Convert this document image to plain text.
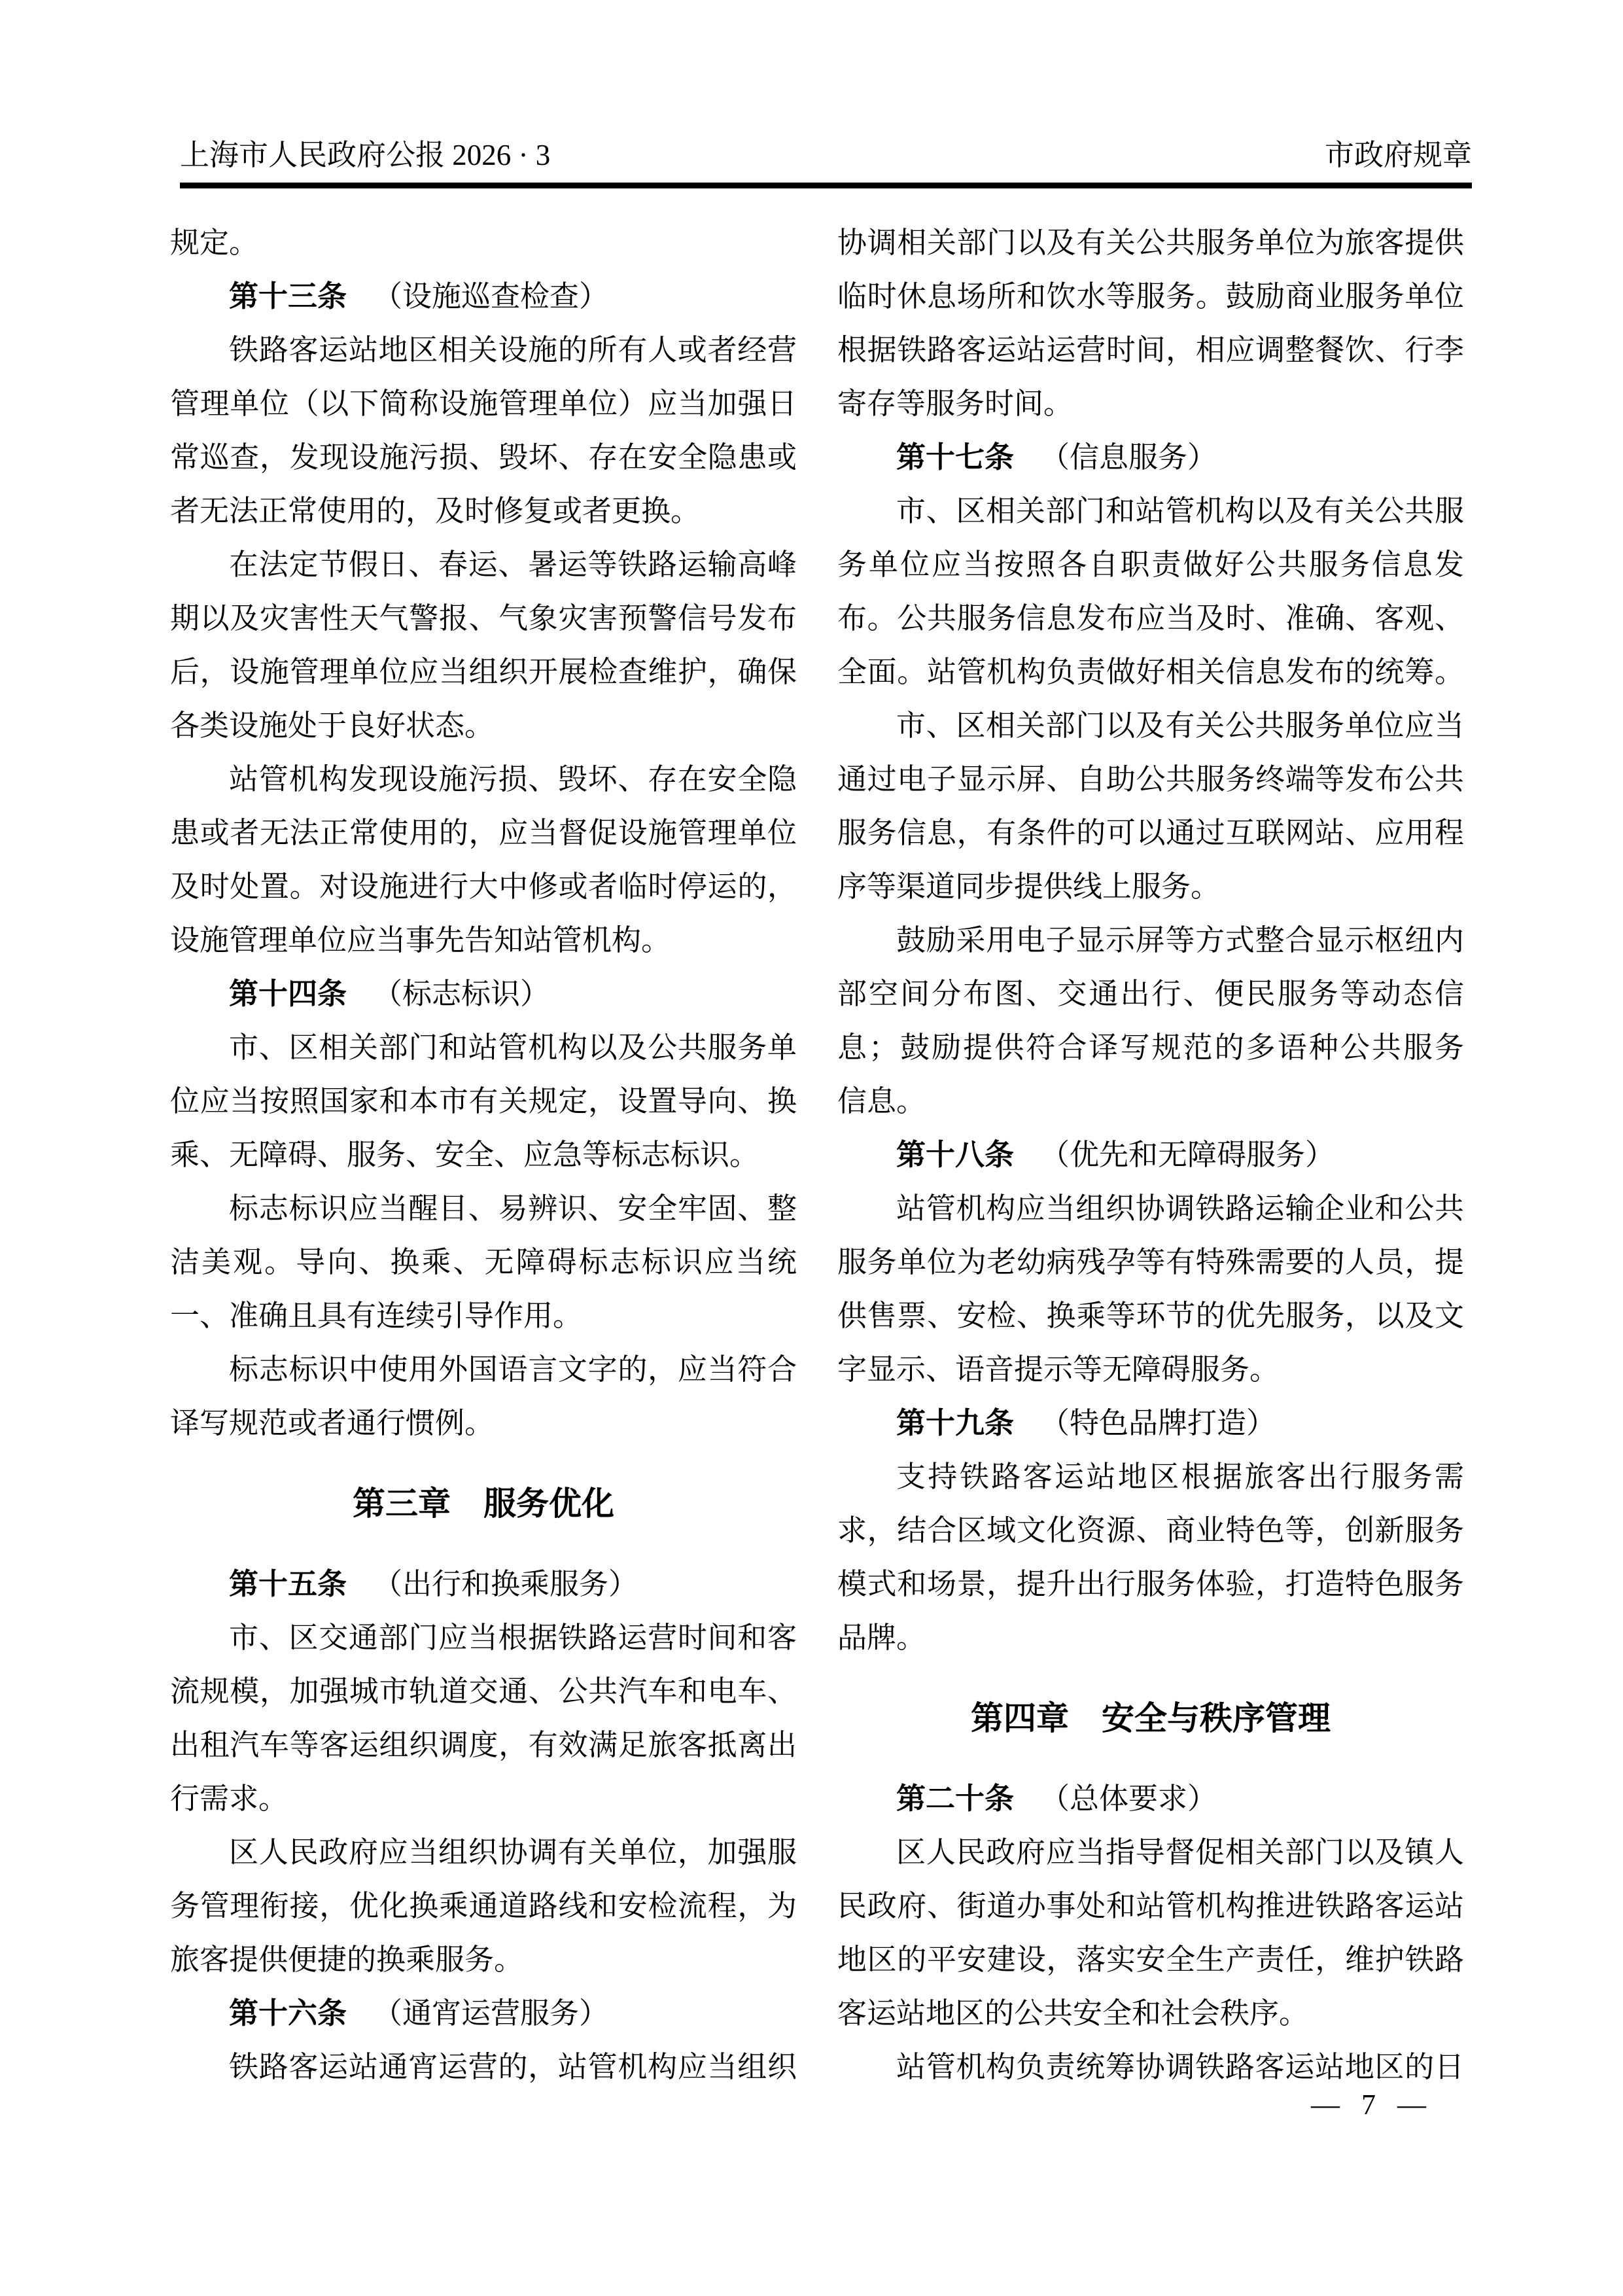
上海市人民政府公报 2026 · 3	市政府规章
规定。
第十三条 （设施巡查检查）
铁路客运站地区相关设施的所有人或者经营
管理单位（以下简称设施管理单位）应当加强日
常巡查，发现设施污损、毁坏、存在安全隐患或
者无法正常使用的，及时修复或者更换。
在法定节假日、春运、暑运等铁路运输高峰
期以及灾害性天气警报、气象灾害预警信号发布
后，设施管理单位应当组织开展检查维护，确保
各类设施处于良好状态。
站管机构发现设施污损、毁坏、存在安全隐
患或者无法正常使用的，应当督促设施管理单位
及时处置。对设施进行大中修或者临时停运的，
设施管理单位应当事先告知站管机构。
第十四条 （标志标识）
市、区相关部门和站管机构以及公共服务单
位应当按照国家和本市有关规定，设置导向、换
乘、无障碍、服务、安全、应急等标志标识。
标志标识应当醒目、易辨识、安全牢固、整
洁美观。导向、换乘、无障碍标志标识应当统
一、准确且具有连续引导作用。
标志标识中使用外国语言文字的，应当符合
译写规范或者通行惯例。
第三章　服务优化
第十五条 （出行和换乘服务）
市、区交通部门应当根据铁路运营时间和客
流规模，加强城市轨道交通、公共汽车和电车、
出租汽车等客运组织调度，有效满足旅客抵离出
行需求。
区人民政府应当组织协调有关单位，加强服
务管理衔接，优化换乘通道路线和安检流程，为
旅客提供便捷的换乘服务。
第十六条 （通宵运营服务）
铁路客运站通宵运营的，站管机构应当组织
协调相关部门以及有关公共服务单位为旅客提供
临时休息场所和饮水等服务。鼓励商业服务单位
根据铁路客运站运营时间，相应调整餐饮、行李
寄存等服务时间。
第十七条 （信息服务）
市、区相关部门和站管机构以及有关公共服
务单位应当按照各自职责做好公共服务信息发
布。公共服务信息发布应当及时、准确、客观、
全面。站管机构负责做好相关信息发布的统筹。
市、区相关部门以及有关公共服务单位应当
通过电子显示屏、自助公共服务终端等发布公共
服务信息，有条件的可以通过互联网站、应用程
序等渠道同步提供线上服务。
鼓励采用电子显示屏等方式整合显示枢纽内
部空间分布图、交通出行、便民服务等动态信
息；鼓励提供符合译写规范的多语种公共服务
信息。
第十八条 （优先和无障碍服务）
站管机构应当组织协调铁路运输企业和公共
服务单位为老幼病残孕等有特殊需要的人员，提
供售票、安检、换乘等环节的优先服务，以及文
字显示、语音提示等无障碍服务。
第十九条 （特色品牌打造）
支持铁路客运站地区根据旅客出行服务需
求，结合区域文化资源、商业特色等，创新服务
模式和场景，提升出行服务体验，打造特色服务
品牌。
第四章　安全与秩序管理
第二十条 （总体要求）
区人民政府应当指导督促相关部门以及镇人
民政府、街道办事处和站管机构推进铁路客运站
地区的平安建设，落实安全生产责任，维护铁路
客运站地区的公共安全和社会秩序。
站管机构负责统筹协调铁路客运站地区的日
— 7 —
